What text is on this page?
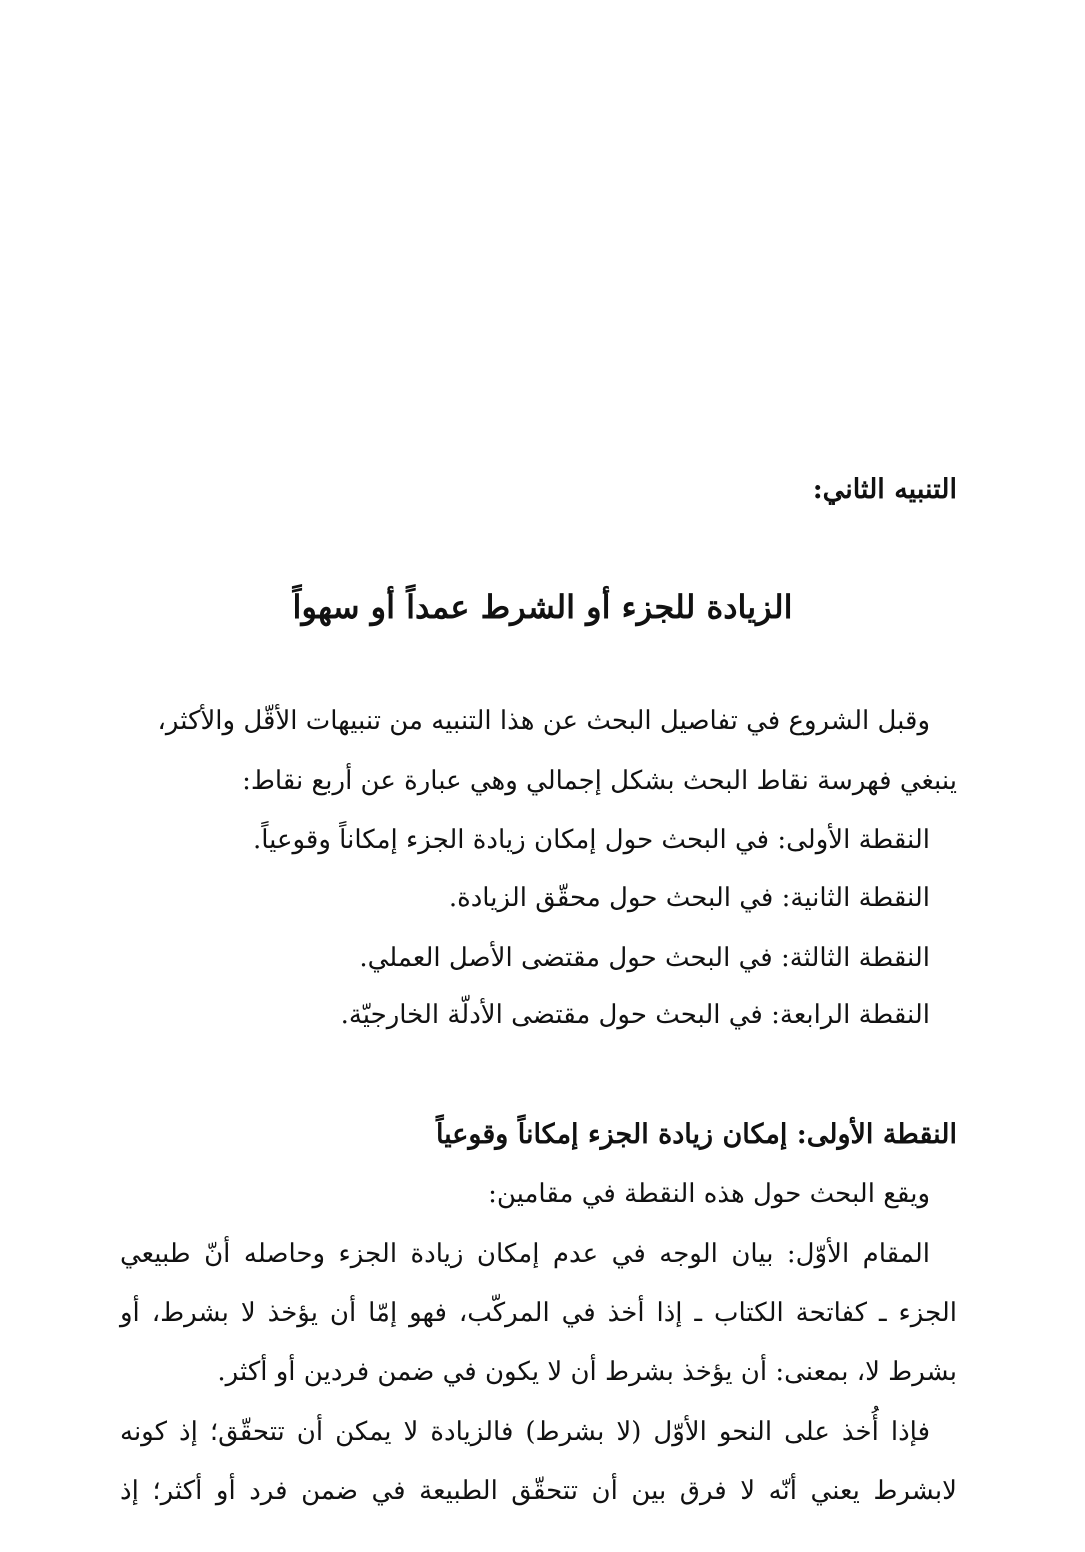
التنبيه الثاني:
الزيادة للجزء أو الشرط عمداً أو سهواً
وقبل الشروع في تفاصيل البحث عن هذا التنبيه من تنبيهات الأقّل والأكثر،
ينبغي فهرسة نقاط البحث بشكل إجمالي وهي عبارة عن أربع نقاط:
النقطة الأولى: في البحث حول إمكان زيادة الجزء إمكاناً وقوعياً.
النقطة الثانية: في البحث حول محقّق الزيادة.
النقطة الثالثة: في البحث حول مقتضى الأصل العملي.
النقطة الرابعة: في البحث حول مقتضى الأدلّة الخارجيّة.
النقطة الأولى: إمكان زيادة الجزء إمكاناً وقوعياً
ويقع البحث حول هذه النقطة في مقامين:
المقام الأوّل: بيان الوجه في عدم إمكان زيادة الجزء وحاصله أنّ طبيعي
الجزء ـ كفاتحة الكتاب ـ إذا أخذ في المركّب، فهو إمّا أن يؤخذ لا بشرط، أو
بشرط لا، بمعنى: أن يؤخذ بشرط أن لا يكون في ضمن فردين أو أكثر.
فإذا أُخذ على النحو الأوّل (لا بشرط) فالزيادة لا يمكن أن تتحقّق؛ إذ كونه
لابشرط يعني أنّه لا فرق بين أن تتحقّق الطبيعة في ضمن فرد أو أكثر؛ إذ
